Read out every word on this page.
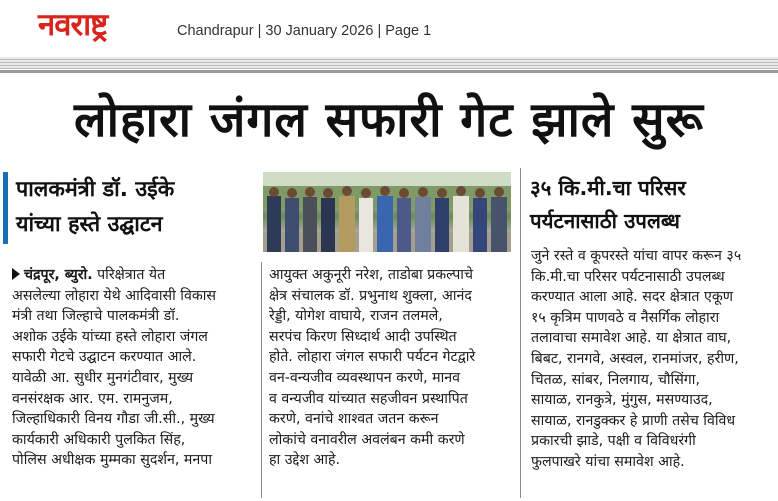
नवराष्ट्र	Chandrapur | 30 January 2026 | Page 1
लोहारा जंगल सफारी गेट झाले सुरू
पालकमंत्री डॉ. उईके
यांच्या हस्ते उद्घाटन
३५ कि.मी.चा परिसर
पर्यटनासाठी उपलब्ध
चंद्रपूर, ब्युरो. परिक्षेत्रात येत
असलेल्या लोहारा येथे आदिवासी विकास
मंत्री तथा जिल्हाचे पालकमंत्री डॉ.
अशोक उईके यांच्या हस्ते लोहारा जंगल
सफारी गेटचे उद्घाटन करण्यात आले.
यावेळी आ. सुधीर मुनगंटीवार, मुख्य
वनसंरक्षक आर. एम. रामनुजम,
जिल्हाधिकारी विनय गौडा जी.सी., मुख्य
कार्यकारी अधिकारी पुलकित सिंह,
पोलिस अधीक्षक मुम्मका सुदर्शन, मनपा
आयुक्त अकुनूरी नरेश, ताडोबा प्रकल्पाचे
क्षेत्र संचालक डॉ. प्रभुनाथ शुक्ला, आनंद
रेड्डी, योगेश वाघाये, राजन तलमले,
सरपंच किरण सिध्दार्थ आदी उपस्थित
होते. लोहारा जंगल सफारी पर्यटन गेटद्वारे
वन-वन्यजीव व्यवस्थापन करणे, मानव
व वन्यजीव यांच्यात सहजीवन प्रस्थापित
करणे, वनांचे शाश्वत जतन करून
लोकांचे वनावरील अवलंबन कमी करणे
हा उद्देश आहे.
जुने रस्ते व कूपरस्ते यांचा वापर करून ३५
कि.मी.चा परिसर पर्यटनासाठी उपलब्ध
करण्यात आला आहे. सदर क्षेत्रात एकूण
१५ कृत्रिम पाणवठे व नैसर्गिक लोहारा
तलावाचा समावेश आहे. या क्षेत्रात वाघ,
बिबट, रानगवे, अस्वल, रानमांजर, हरीण,
चितळ, सांबर, निलगाय, चौसिंगा,
सायाळ, रानकुत्रे, मुंगुस, मसण्याउद,
सायाळ, रानडुक्कर हे प्राणी तसेच विविध
प्रकारची झाडे, पक्षी व विविधरंगी
फुलपाखरे यांचा समावेश आहे.
